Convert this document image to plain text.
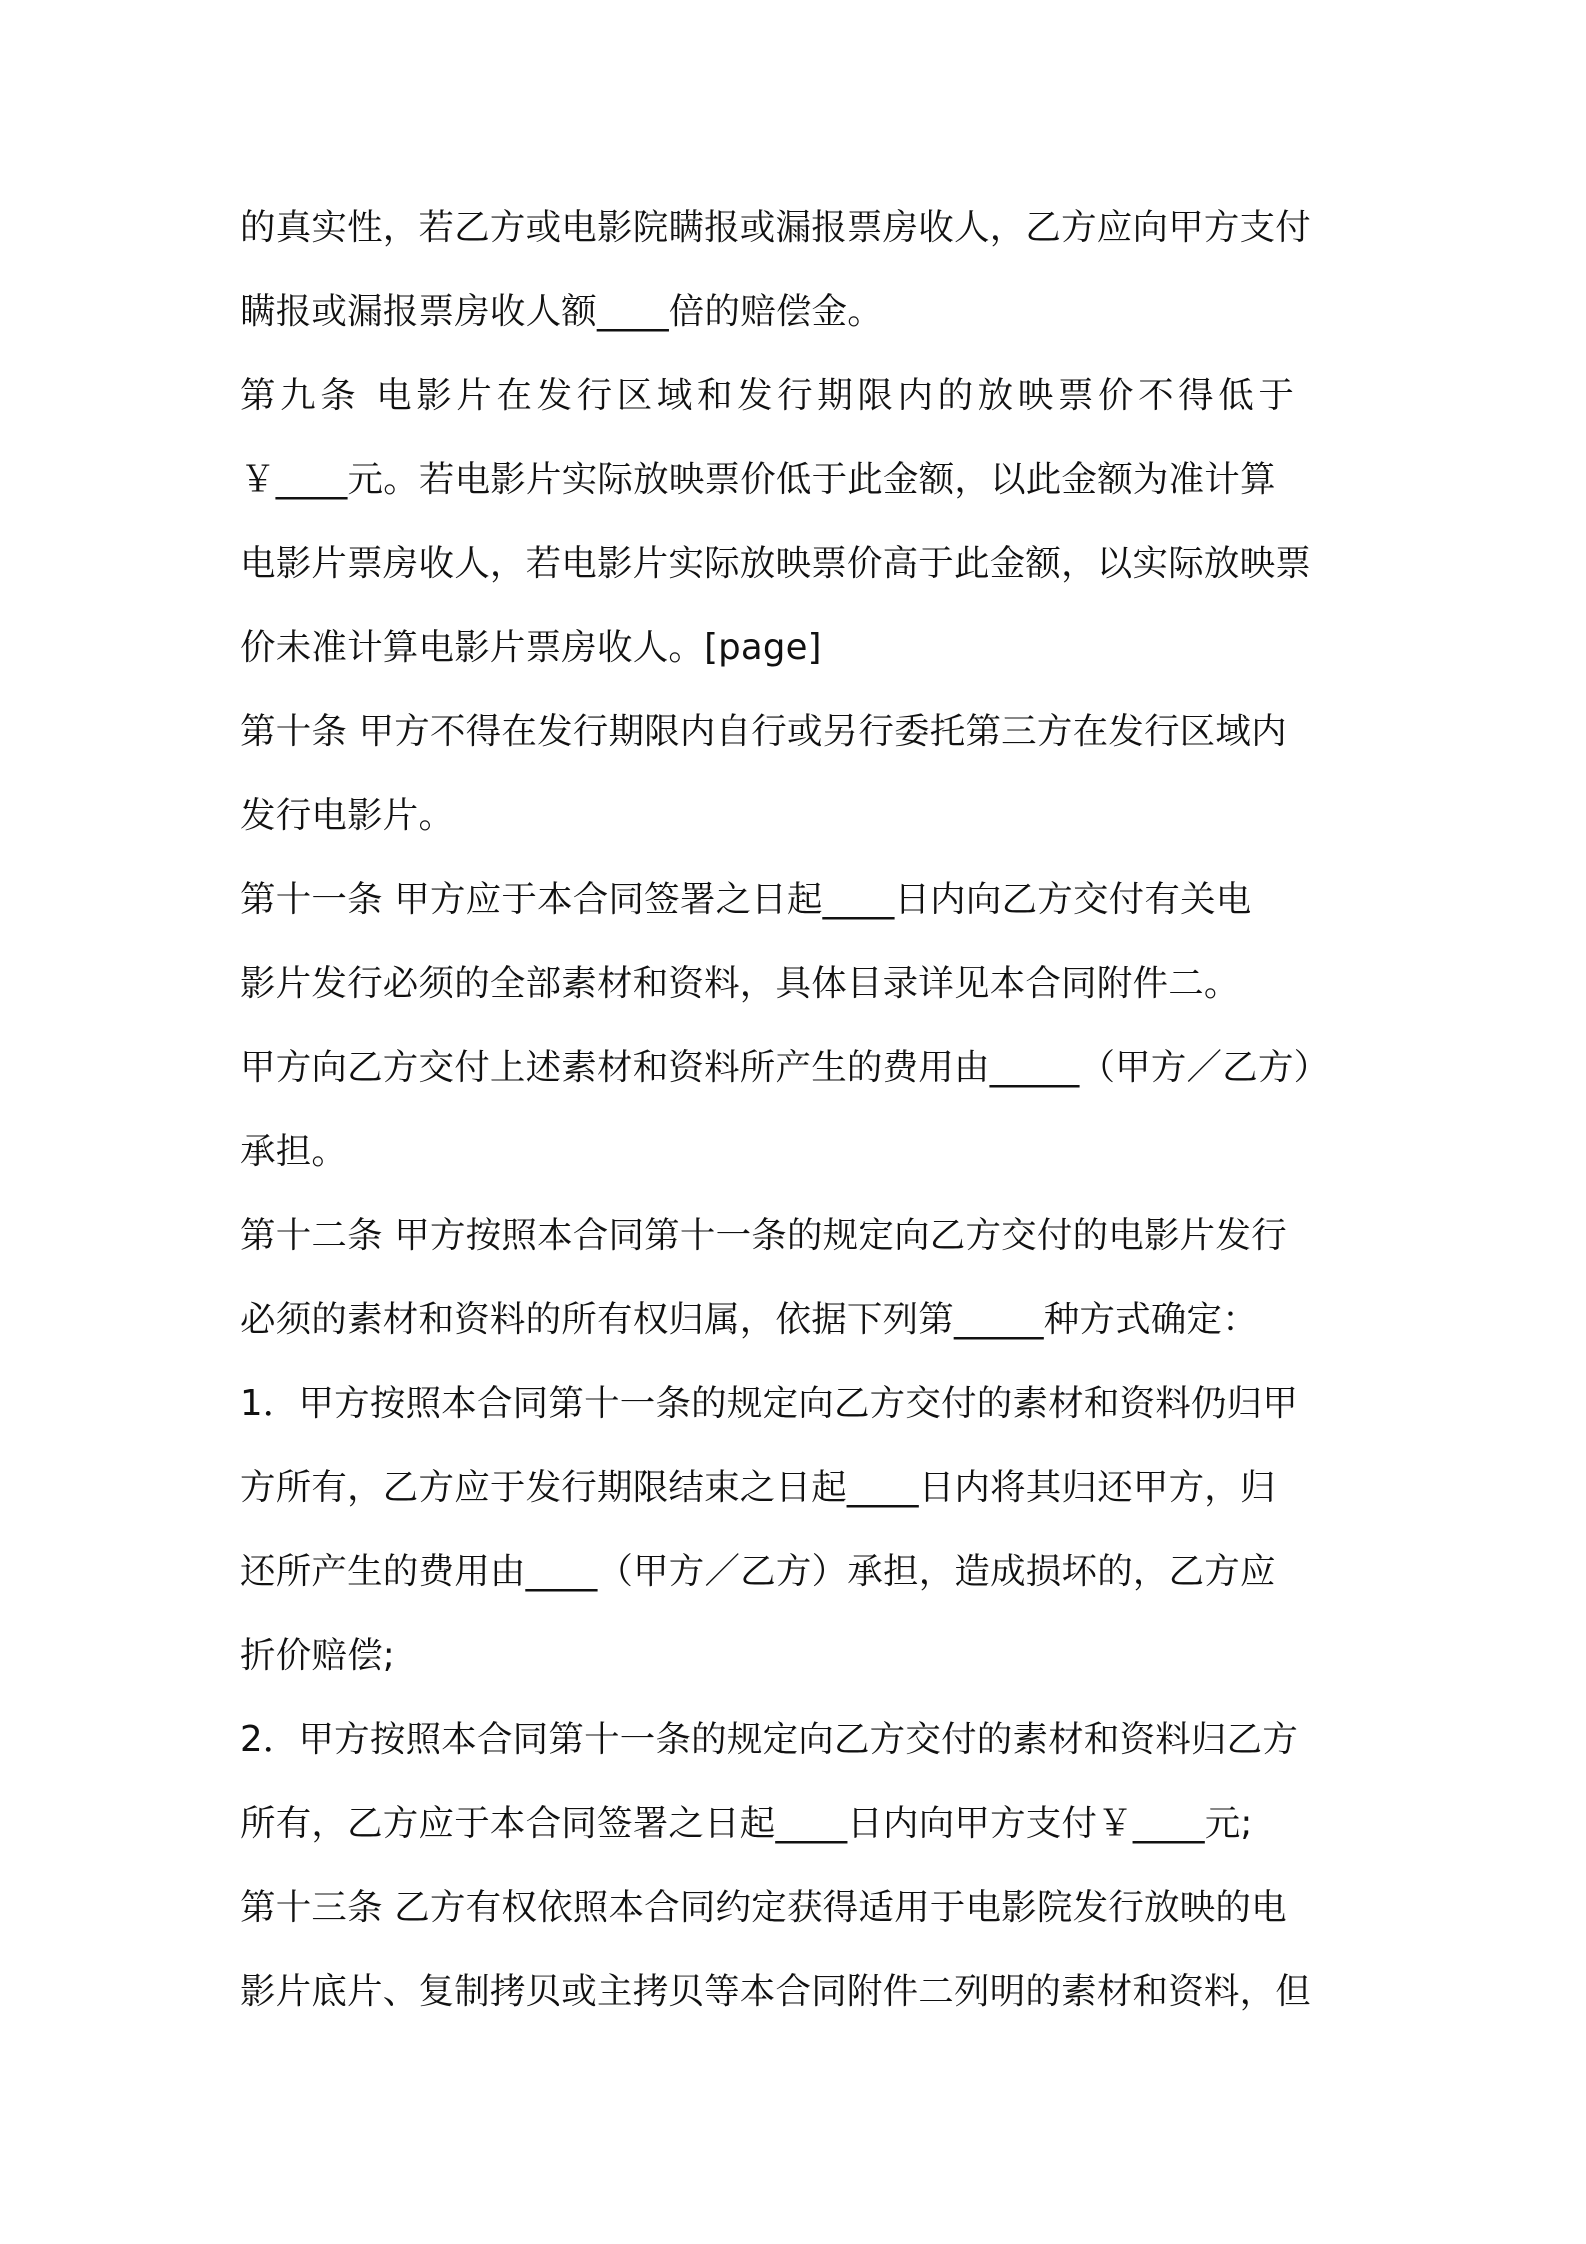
的真实性，若乙方或电影院瞒报或漏报票房收人，乙方应向甲方支付
瞒报或漏报票房收人额____倍的赔偿金。
第九条 电影片在发行区域和发行期限内的放映票价不得低于
￥____元。若电影片实际放映票价低于此金额，以此金额为准计算
电影片票房收人，若电影片实际放映票价高于此金额，以实际放映票
价未准计算电影片票房收人。[page]
第十条 甲方不得在发行期限内自行或另行委托第三方在发行区域内
发行电影片。
第十一条 甲方应于本合同签署之日起____日内向乙方交付有关电
影片发行必须的全部素材和资料，具体目录详见本合同附件二。
甲方向乙方交付上述素材和资料所产生的费用由_____（甲方／乙方）
承担。
第十二条 甲方按照本合同第十一条的规定向乙方交付的电影片发行
必须的素材和资料的所有权归属，依据下列第_____种方式确定：
1．甲方按照本合同第十一条的规定向乙方交付的素材和资料仍归甲
方所有，乙方应于发行期限结束之日起____日内将其归还甲方，归
还所产生的费用由____（甲方／乙方）承担，造成损坏的，乙方应
折价赔偿;
2．甲方按照本合同第十一条的规定向乙方交付的素材和资料归乙方
所有，乙方应于本合同签署之日起____日内向甲方支付￥____元;
第十三条 乙方有权依照本合同约定获得适用于电影院发行放映的电
影片底片、复制拷贝或主拷贝等本合同附件二列明的素材和资料，但
